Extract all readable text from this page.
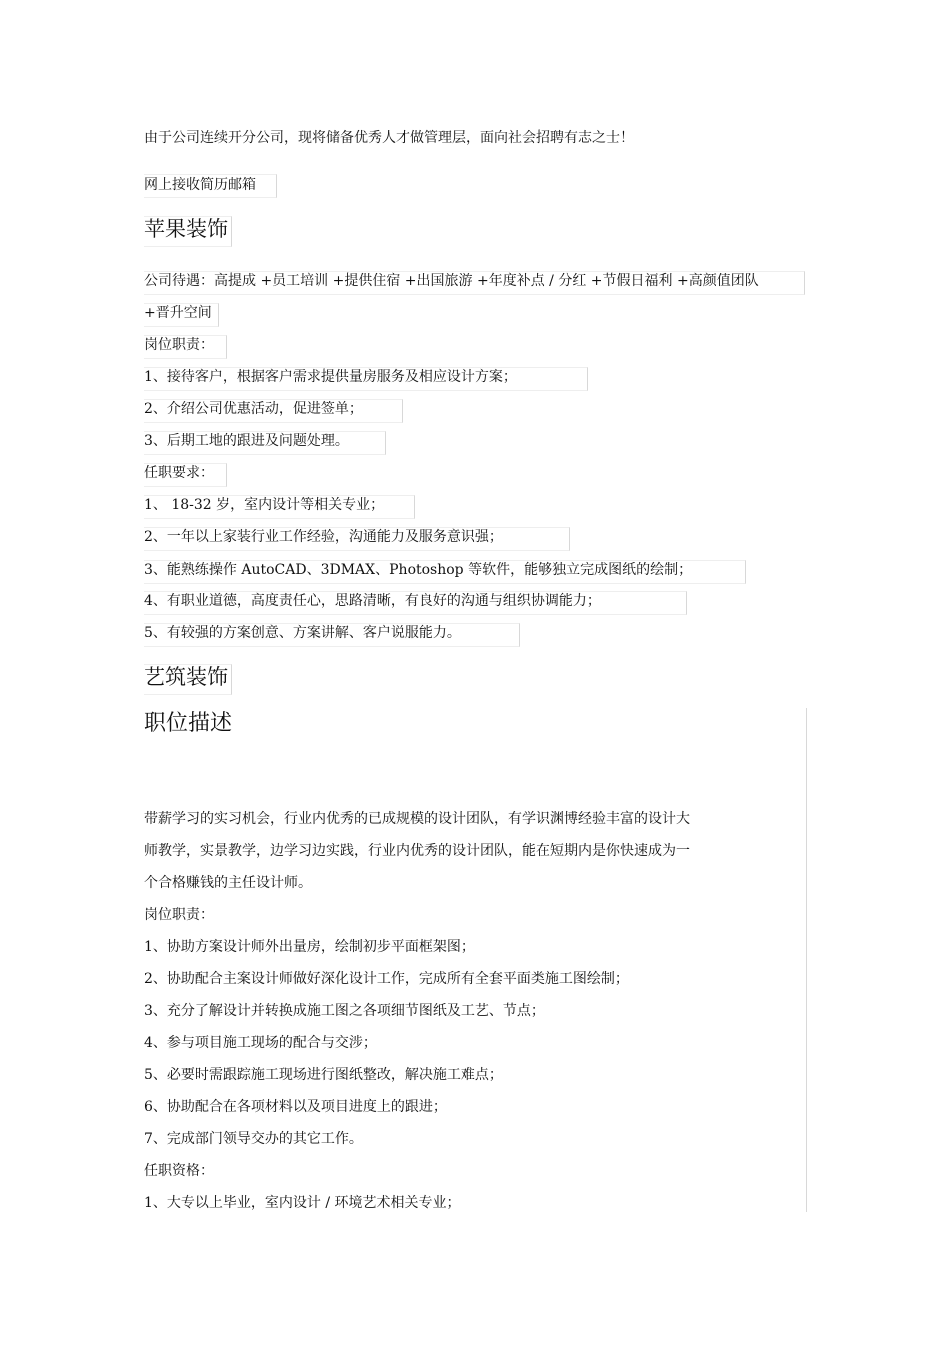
由于公司连续开分公司，现将储备优秀人才做管理层，面向社会招聘有志之士！
网上接收简历邮箱
苹果装饰
公司待遇：高提成 +员工培训 +提供住宿 +出国旅游 +年度补点 / 分红 +节假日福利 +高颜值团队
+晋升空间
岗位职责：
1、接待客户，根据客户需求提供量房服务及相应设计方案；
2、介绍公司优惠活动，促进签单；
3、后期工地的跟进及问题处理。
任职要求：
1、 18-32 岁，室内设计等相关专业；
2、一年以上家装行业工作经验，沟通能力及服务意识强；
3、能熟练操作 AutoCAD、3DMAX、Photoshop 等软件，能够独立完成图纸的绘制；
4、有职业道德，高度责任心，思路清晰，有良好的沟通与组织协调能力；
5、有较强的方案创意、方案讲解、客户说服能力。
艺筑装饰
职位描述
带薪学习的实习机会，行业内优秀的已成规模的设计团队，有学识渊博经验丰富的设计大
师教学，实景教学，边学习边实践，行业内优秀的设计团队，能在短期内是你快速成为一
个合格赚钱的主任设计师。
岗位职责：
1、协助方案设计师外出量房，绘制初步平面框架图；
2、协助配合主案设计师做好深化设计工作，完成所有全套平面类施工图绘制；
3、充分了解设计并转换成施工图之各项细节图纸及工艺、节点；
4、参与项目施工现场的配合与交涉；
5、必要时需跟踪施工现场进行图纸整改，解决施工难点；
6、协助配合在各项材料以及项目进度上的跟进；
7、完成部门领导交办的其它工作。
任职资格：
1、大专以上毕业，室内设计 / 环境艺术相关专业；
